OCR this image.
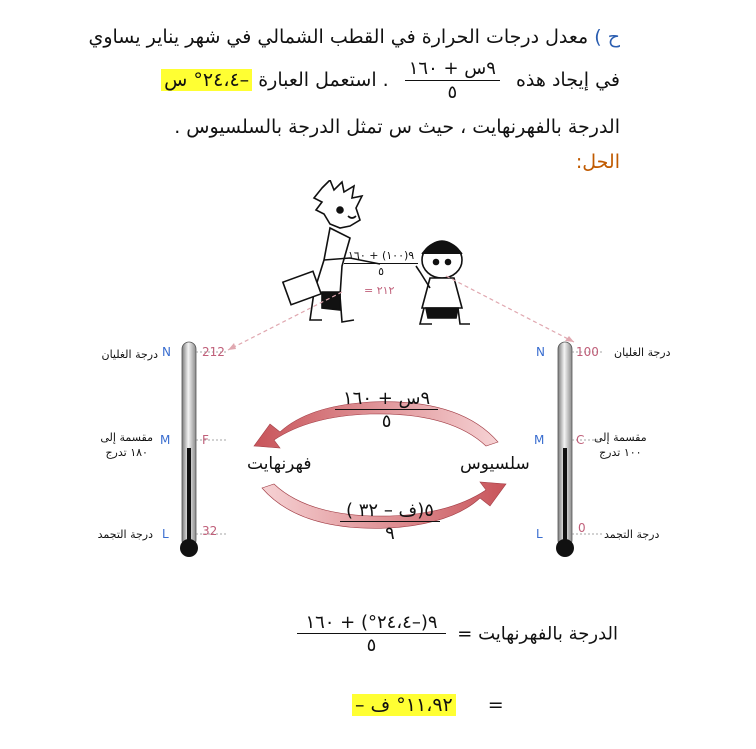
ح ) معدل درجات الحرارة في القطب الشمالي في شهر يناير يساوي
في إيجاد هذه
$\frac{\text{٩س + ١٦٠}}{٥}$
. استعمل العبارة –٢٤،٤° س
الدرجة بالفهرنهايت ، حيث س تمثل الدرجة بالسلسيوس .
الحل:
$\frac{٩(١٠٠) + ١٦٠}{٥}$
= ٢١٢
N
M
L
212
F
32
درجة الغليان
مقسمة إلى
١٨٠ تدرج
درجة التجمد
N
M
L
100
C
0
درجة الغليان
مقسمة إلى
١٠٠ تدرج
درجة التجمد
$\frac{\text{٩س + ١٦٠}}{٥}$
فهرنهايت	سلسيوس
$\frac{\text{٥(ف – ٣٢ )}}{٩}$
الدرجة بالفهرنهايت =
$\frac{٩(-٢٤،٤^\circ) + ١٦٠}{٥}$
– ١١،٩٢° ف =
